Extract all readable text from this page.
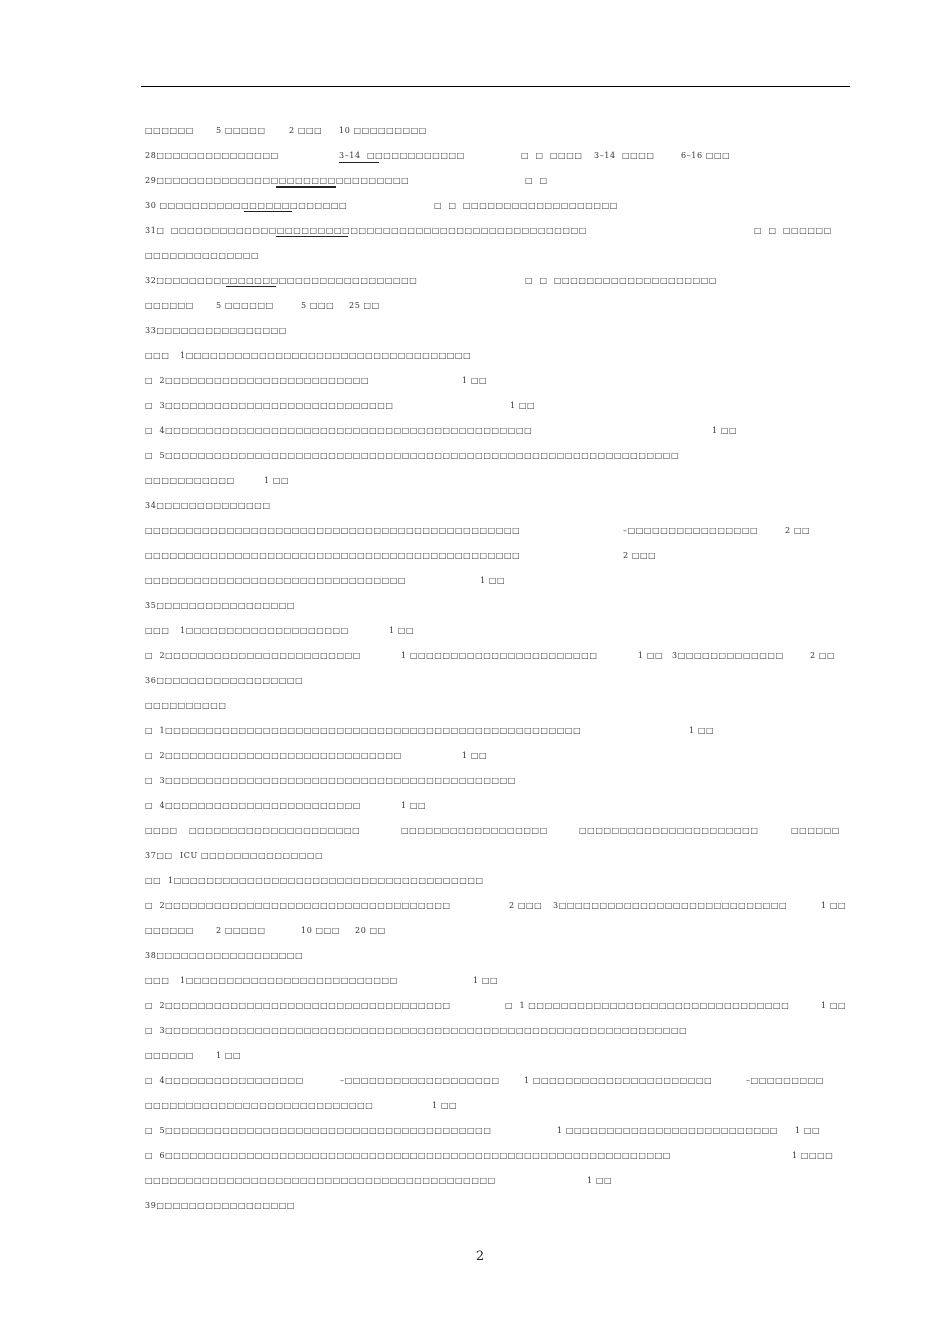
□□□□□□	5 □□□□□	2 □□□ 10 □□□□□□□□□
28□□□□□□□□□□□□□□□	3–14  □□□□□□□□□□□□	□  □  □□□□ 3–14  □□□□	6–16 □□□
29□□□□□□□□□□□□□□□□□□□□□□□□□□□□□□□	□  □
30 □□□□□□□□□□□□□□□□□□□□□□□	□  □  □□□□□□□□□□□□□□□□□□□
31□  □□□□□□□□□□□□□□□□□□□□□□□□□□□□□□□□□□□□□□□□□□□□□□□□□□□	□  □  □□□□□□
□□□□□□□□□□□□□□
32□□□□□□□□□□□□□□□□□□□□□□□□□□□□□□□□	□  □  □□□□□□□□□□□□□□□□□□□□
□□□□□□	5 □□□□□□	5 □□□ 25 □□
33□□□□□□□□□□□□□□□□
□□□ 1□□□□□□□□□□□□□□□□□□□□□□□□□□□□□□□□□□□
□  2□□□□□□□□□□□□□□□□□□□□□□□□□	1 □□
□  3□□□□□□□□□□□□□□□□□□□□□□□□□□□□	1 □□
□  4□□□□□□□□□□□□□□□□□□□□□□□□□□□□□□□□□□□□□□□□□□□□□	1 □□
□  5□□□□□□□□□□□□□□□□□□□□□□□□□□□□□□□□□□□□□□□□□□□□□□□□□□□□□□□□□□□□□□□
□□□□□□□□□□□	1 □□
34□□□□□□□□□□□□□□
□□□□□□□□□□□□□□□□□□□□□□□□□□□□□□□□□□□□□□□□□□□□□□	–□□□□□□□□□□□□□□□□	2 □□
□□□□□□□□□□□□□□□□□□□□□□□□□□□□□□□□□□□□□□□□□□□□□□	2 □□□
□□□□□□□□□□□□□□□□□□□□□□□□□□□□□□□□	1 □□
35□□□□□□□□□□□□□□□□□
□□□ 1□□□□□□□□□□□□□□□□□□□□	1 □□
□  2□□□□□□□□□□□□□□□□□□□□□□□□	1 □□□□□□□□□□□□□□□□□□□□□□□	1 □□ 3□□□□□□□□□□□□□	2 □□
36□□□□□□□□□□□□□□□□□□
□□□□□□□□□□
□  1□□□□□□□□□□□□□□□□□□□□□□□□□□□□□□□□□□□□□□□□□□□□□□□□□□□	1 □□
□  2□□□□□□□□□□□□□□□□□□□□□□□□□□□□□	1 □□
□  3□□□□□□□□□□□□□□□□□□□□□□□□□□□□□□□□□□□□□□□□□□□
□  4□□□□□□□□□□□□□□□□□□□□□□□□	1 □□
□□□□ □□□□□□□□□□□□□□□□□□□□□	□□□□□□□□□□□□□□□□□□	□□□□□□□□□□□□□□□□□□□□□□	□□□□□□
37□□ ICU □□□□□□□□□□□□□□□
□□ 1□□□□□□□□□□□□□□□□□□□□□□□□□□□□□□□□□□□□□□
□  2□□□□□□□□□□□□□□□□□□□□□□□□□□□□□□□□□□□	2 □□□ 3□□□□□□□□□□□□□□□□□□□□□□□□□□□□	1 □□
□□□□□□	2 □□□□□	10 □□□ 20 □□
38□□□□□□□□□□□□□□□□□□
□□□ 1□□□□□□□□□□□□□□□□□□□□□□□□□□	1 □□
□  2□□□□□□□□□□□□□□□□□□□□□□□□□□□□□□□□□□□	□  1 □□□□□□□□□□□□□□□□□□□□□□□□□□□□□□□□	1 □□
□  3□□□□□□□□□□□□□□□□□□□□□□□□□□□□□□□□□□□□□□□□□□□□□□□□□□□□□□□□□□□□□□□□
□□□□□□	1 □□
□  4□□□□□□□□□□□□□□□□□	–□□□□□□□□□□□□□□□□□□□	1 □□□□□□□□□□□□□□□□□□□□□□	–□□□□□□□□□
□□□□□□□□□□□□□□□□□□□□□□□□□□□□	1 □□
□  5□□□□□□□□□□□□□□□□□□□□□□□□□□□□□□□□□□□□□□□□	1 □□□□□□□□□□□□□□□□□□□□□□□□□□ 1 □□
□  6□□□□□□□□□□□□□□□□□□□□□□□□□□□□□□□□□□□□□□□□□□□□□□□□□□□□□□□□□□□□□□	1 □□□□
□□□□□□□□□□□□□□□□□□□□□□□□□□□□□□□□□□□□□□□□□□□	1 □□
39□□□□□□□□□□□□□□□□□
2
